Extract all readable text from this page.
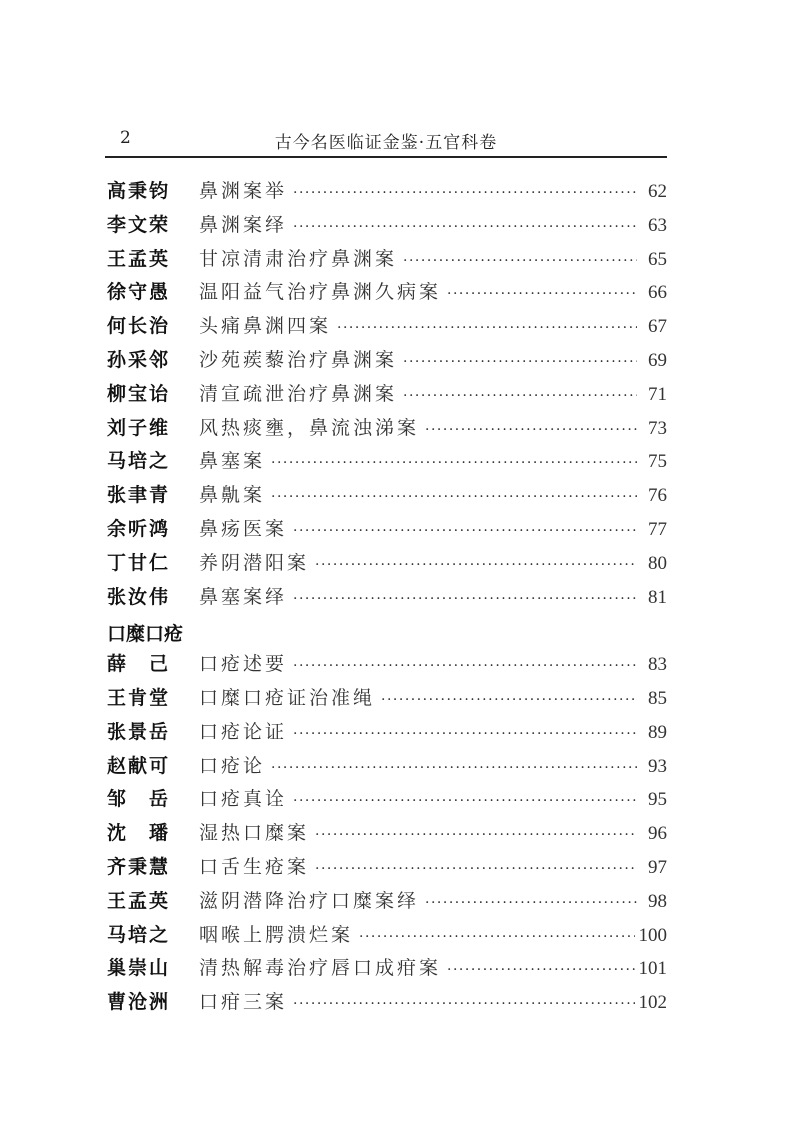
2	古今名医临证金鉴·五官科卷
高秉钧	鼻渊案举 ·····	62
李文荣	鼻渊案绎 ·····	63
王孟英	甘凉清肃治疗鼻渊案 ·····	65
徐守愚	温阳益气治疗鼻渊久病案 ·····	66
何长治	头痛鼻渊四案 ·····	67
孙采邻	沙苑蒺藜治疗鼻渊案 ·····	69
柳宝诒	清宣疏泄治疗鼻渊案 ·····	71
刘子维	风热痰壅，鼻流浊涕案 ·····	73
马培之	鼻塞案 ·····	75
张聿青	鼻鼽案 ·····	76
余听鸿	鼻疡医案 ·····	77
丁甘仁	养阴潜阳案 ·····	80
张汝伟	鼻塞案绎 ·····	81
口糜口疮
薛　己	口疮述要 ·····	83
王肯堂	口糜口疮证治准绳 ·····	85
张景岳	口疮论证 ·····	89
赵献可	口疮论 ·····	93
邹　岳	口疮真诠 ·····	95
沈　璠	湿热口糜案 ·····	96
齐秉慧	口舌生疮案 ·····	97
王孟英	滋阴潜降治疗口糜案绎 ·····	98
马培之	咽喉上腭溃烂案 ·····	100
巢崇山	清热解毒治疗唇口成疳案 ·····	101
曹沧洲	口疳三案 ·····	102
